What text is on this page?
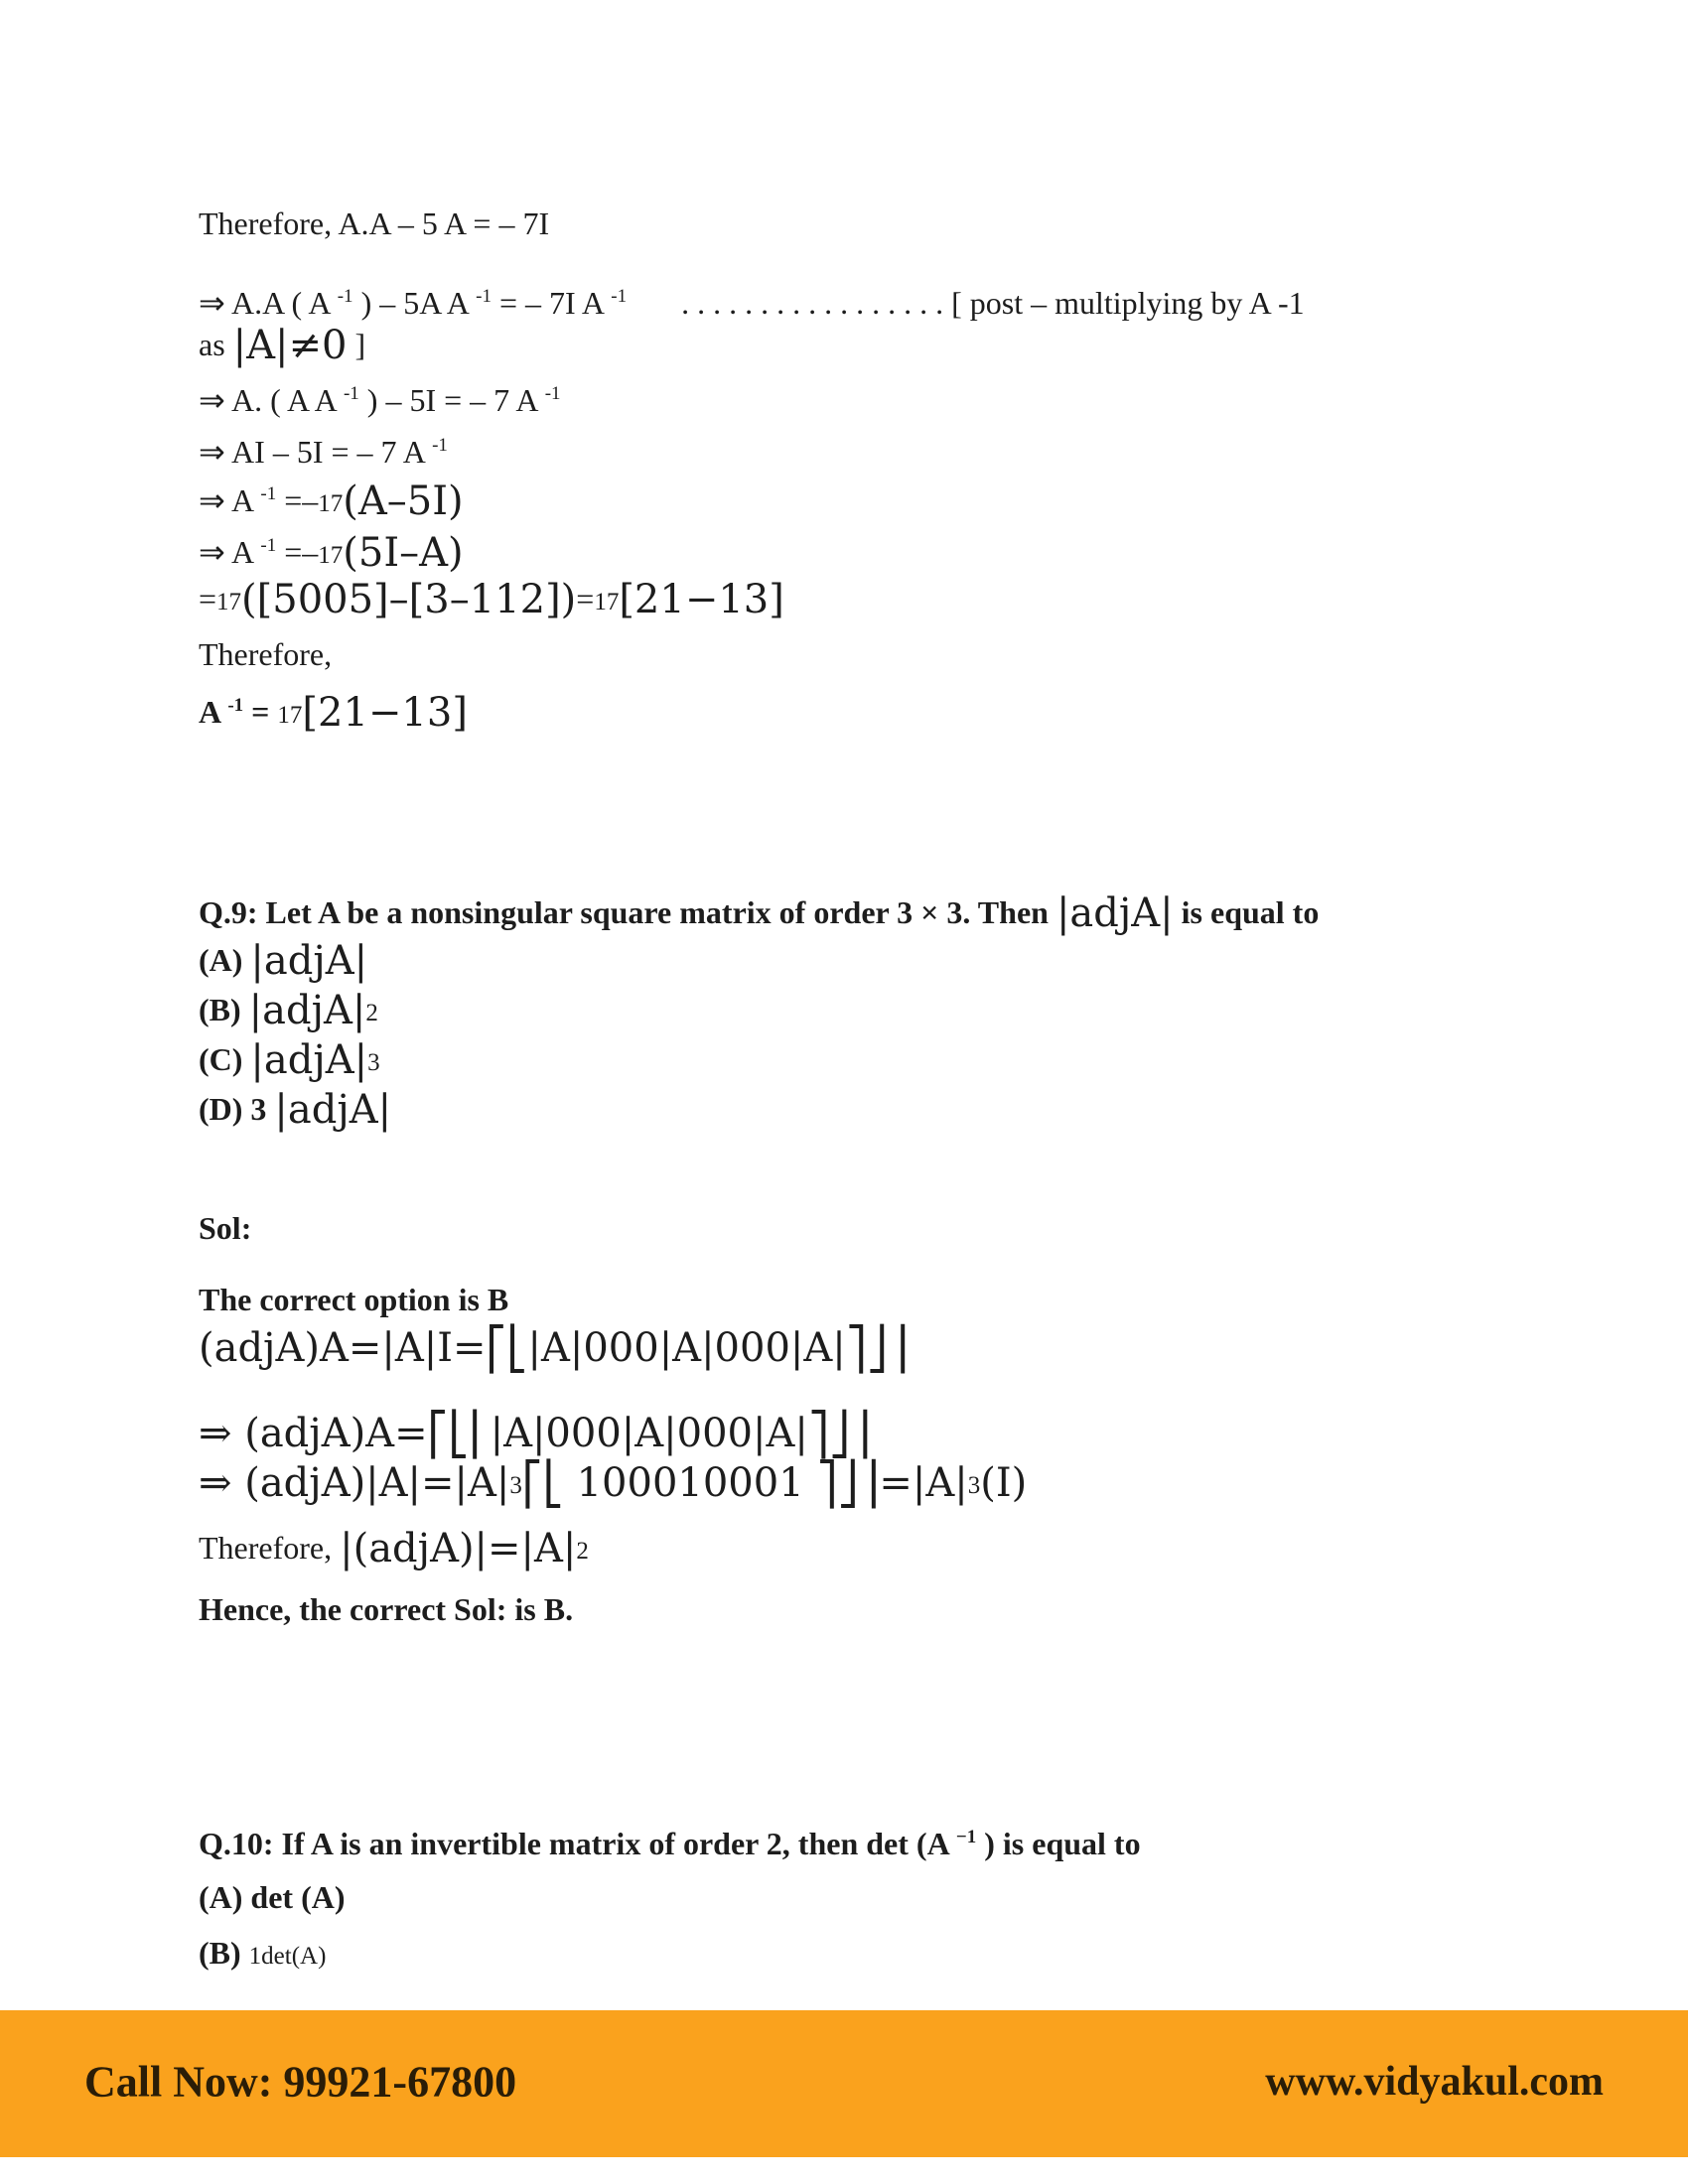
Therefore, A.A – 5 A = – 7I
⇒ A.A ( A $^{-1}$ ) – 5A A $^{-1}$ = – 7I A $^{-1}$ . . . . . . . . . . . . . . . . . [ post – multiplying by A -1
as |A|≠0 ]
⇒ A. ( A A $^{-1}$ ) – 5I = – 7 A $^{-1}$
⇒ AI – 5I = – 7 A $^{-1}$
⇒ A $^{-1}$ =–17(A–5I)
⇒ A $^{-1}$ =–17(5I–A)
=17([5005]–[3–112])=17[21−13]
Therefore,
A $^{-1}$ = 17[21−13]
Q.9: Let A be a nonsingular square matrix of order 3 × 3. Then |adjA| is equal to
(A) |adjA|
(B) |adjA|2
(C) |adjA|3
(D) 3 |adjA|
Sol:
The correct option is B
(adjA)A=|A|I=⎡⎣|A|000|A|000|A|⎤⎦⎥
⇒ (adjA)A=⎡⎣⎢|A|000|A|000|A|⎤⎦⎥
⇒ (adjA)|A|=|A|3⎡⎣ 100010001 ⎤⎦⎥=|A|3(I)
Therefore, |(adjA)|=|A|2
Hence, the correct Sol: is B.
Q.10: If A is an invertible matrix of order 2, then det (A $^{-1}$ ) is equal to
(A) det (A)
(B) 1det(A)
Call Now: 99921-67800	www.vidyakul.com
